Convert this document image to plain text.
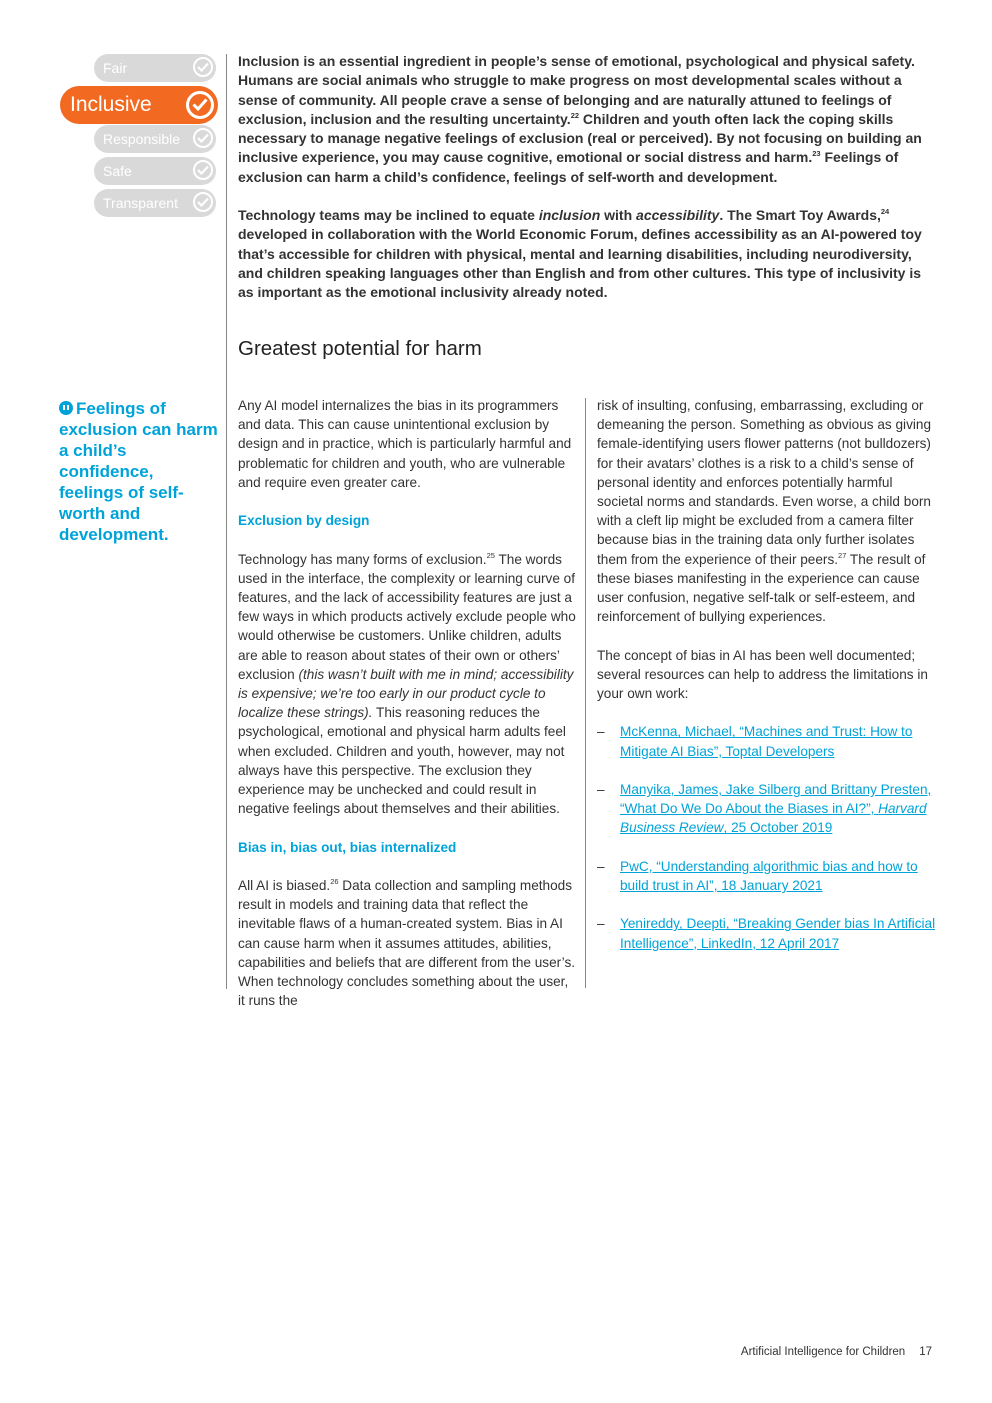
Fair
Inclusive
Responsible
Safe
Transparent

Inclusion is an essential ingredient in people’s sense of emotional, psychological and physical safety. Humans are social animals who struggle to make progress on most developmental scales without a sense of community. All people crave a sense of belonging and are naturally attuned to feelings of exclusion, inclusion and the resulting uncertainty.$^{22}$ Children and youth often lack the coping skills necessary to manage negative feelings of exclusion (real or perceived). By not focusing on building an inclusive experience, you may cause cognitive, emotional or social distress and harm.$^{23}$ Feelings of exclusion can harm a child’s confidence, feelings of self-worth and development.

Technology teams may be inclined to equate inclusion with accessibility. The Smart Toy Awards,$^{24}$ developed in collaboration with the World Economic Forum, defines accessibility as an AI-powered toy that’s accessible for children with physical, mental and learning disabilities, including neurodiversity, and children speaking languages other than English and from other cultures. This type of inclusivity is as important as the emotional inclusivity already noted.

Greatest potential for harm
Feelings of exclusion can harm a child’s confidence, feelings of self-worth and development.

Any AI model internalizes the bias in its programmers and data. This can cause unintentional exclusion by design and in practice, which is particularly harmful and problematic for children and youth, who are vulnerable and require even greater care.

Exclusion by design

Technology has many forms of exclusion.$^{25}$ The words used in the interface, the complexity or learning curve of features, and the lack of accessibility features are just a few ways in which products actively exclude people who would otherwise be customers. Unlike children, adults are able to reason about states of their own or others’ exclusion (this wasn’t built with me in mind; accessibility is expensive; we’re too early in our product cycle to localize these strings). This reasoning reduces the psychological, emotional and physical harm adults feel when excluded. Children and youth, however, may not always have this perspective. The exclusion they experience may be unchecked and could result in negative feelings about themselves and their abilities.

Bias in, bias out, bias internalized

All AI is biased.$^{26}$ Data collection and sampling methods result in models and training data that reflect the inevitable flaws of a human-created system. Bias in AI can cause harm when it assumes attitudes, abilities, capabilities and beliefs that are different from the user’s. When technology concludes something about the user, it runs the

risk of insulting, confusing, embarrassing, excluding or demeaning the person. Something as obvious as giving female-identifying users flower patterns (not bulldozers) for their avatars’ clothes is a risk to a child’s sense of personal identity and enforces potentially harmful societal norms and standards. Even worse, a child born with a cleft lip might be excluded from a camera filter because bias in the training data only further isolates them from the experience of their peers.$^{27}$ The result of these biases manifesting in the experience can cause user confusion, negative self-talk or self-esteem, and reinforcement of bullying experiences.

The concept of bias in AI has been well documented; several resources can help to address the limitations in your own work:

– McKenna, Michael, “Machines and Trust: How to Mitigate AI Bias”, Toptal Developers
– Manyika, James, Jake Silberg and Brittany Presten, “What Do We Do About the Biases in AI?”, Harvard Business Review, 25 October 2019
– PwC, “Understanding algorithmic bias and how to build trust in AI”, 18 January 2021
– Yenireddy, Deepti, “Breaking Gender bias In Artificial Intelligence”, LinkedIn, 12 April 2017
Artificial Intelligence for Children 17
